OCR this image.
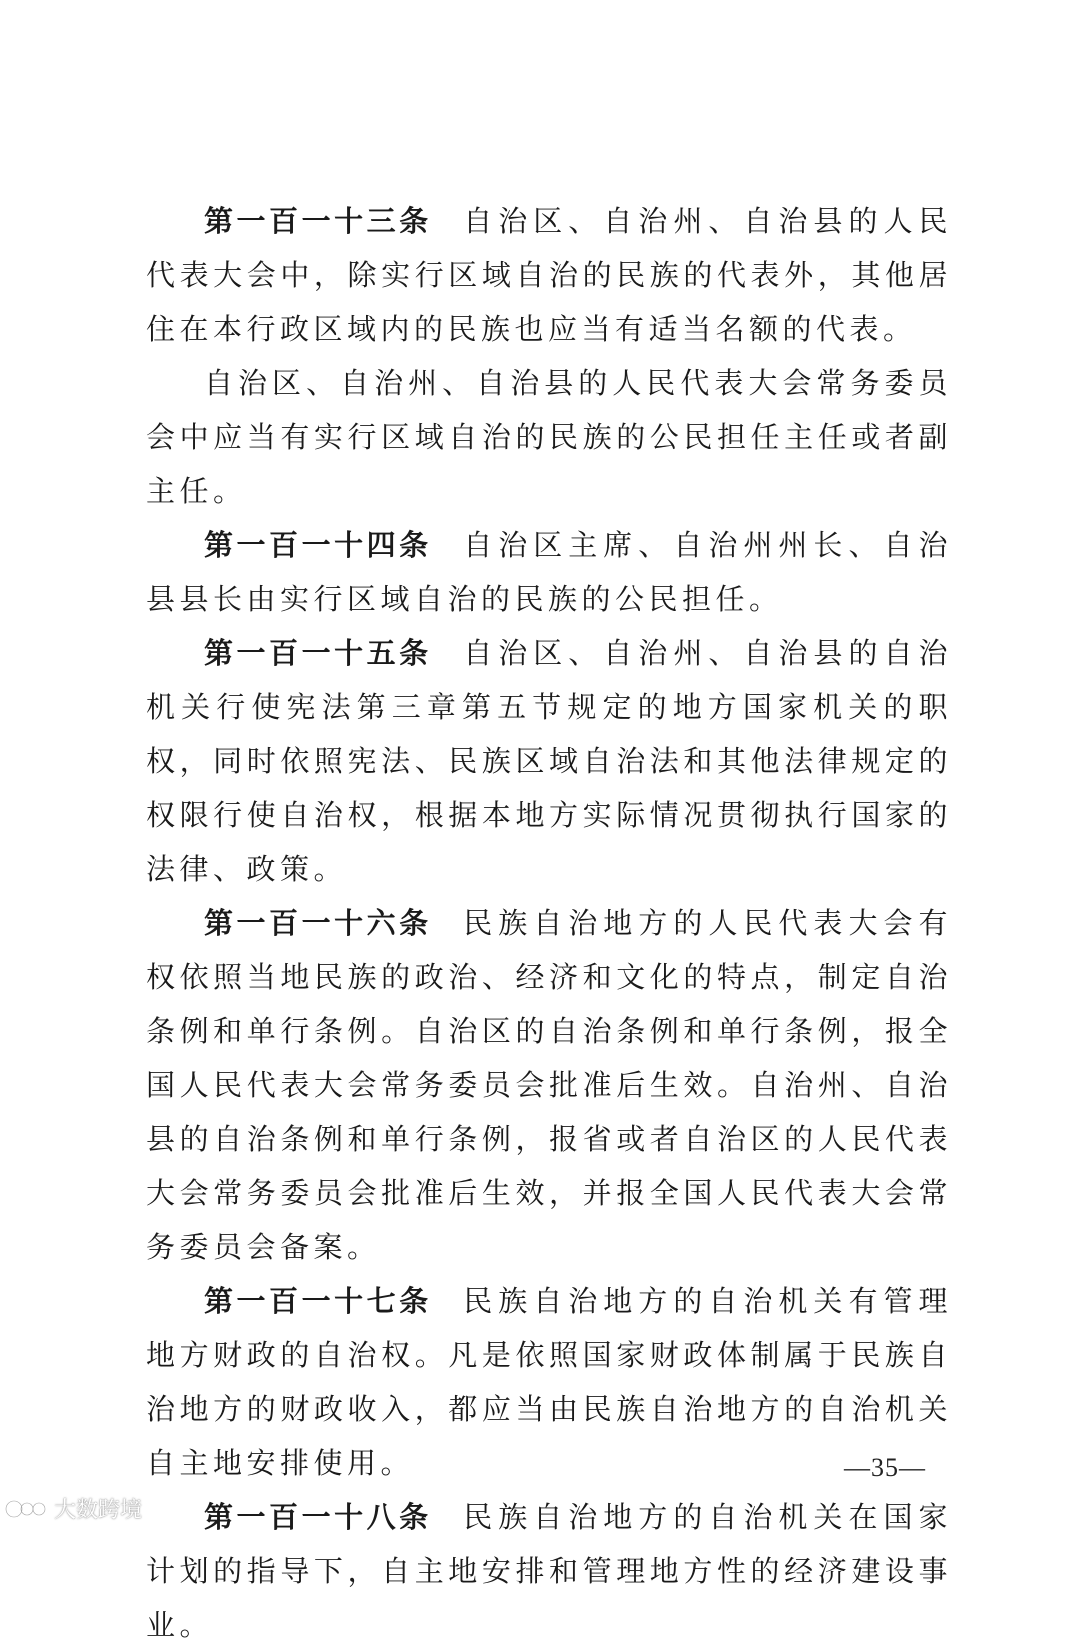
第一百一十三条 自治区、自治州、自治县的人民代表大会中，除实行区域自治的民族的代表外，其他居住在本行政区域内的民族也应当有适当名额的代表。

自治区、自治州、自治县的人民代表大会常务委员会中应当有实行区域自治的民族的公民担任主任或者副主任。

第一百一十四条 自治区主席、自治州州长、自治县县长由实行区域自治的民族的公民担任。

第一百一十五条 自治区、自治州、自治县的自治机关行使宪法第三章第五节规定的地方国家机关的职权，同时依照宪法、民族区域自治法和其他法律规定的权限行使自治权，根据本地方实际情况贯彻执行国家的法律、政策。

第一百一十六条 民族自治地方的人民代表大会有权依照当地民族的政治、经济和文化的特点，制定自治条例和单行条例。自治区的自治条例和单行条例，报全国人民代表大会常务委员会批准后生效。自治州、自治县的自治条例和单行条例，报省或者自治区的人民代表大会常务委员会批准后生效，并报全国人民代表大会常务委员会备案。

第一百一十七条 民族自治地方的自治机关有管理地方财政的自治权。凡是依照国家财政体制属于民族自治地方的财政收入，都应当由民族自治地方的自治机关自主地安排使用。

第一百一十八条 民族自治地方的自治机关在国家计划的指导下，自主地安排和管理地方性的经济建设事业。

—35—
大数跨境
